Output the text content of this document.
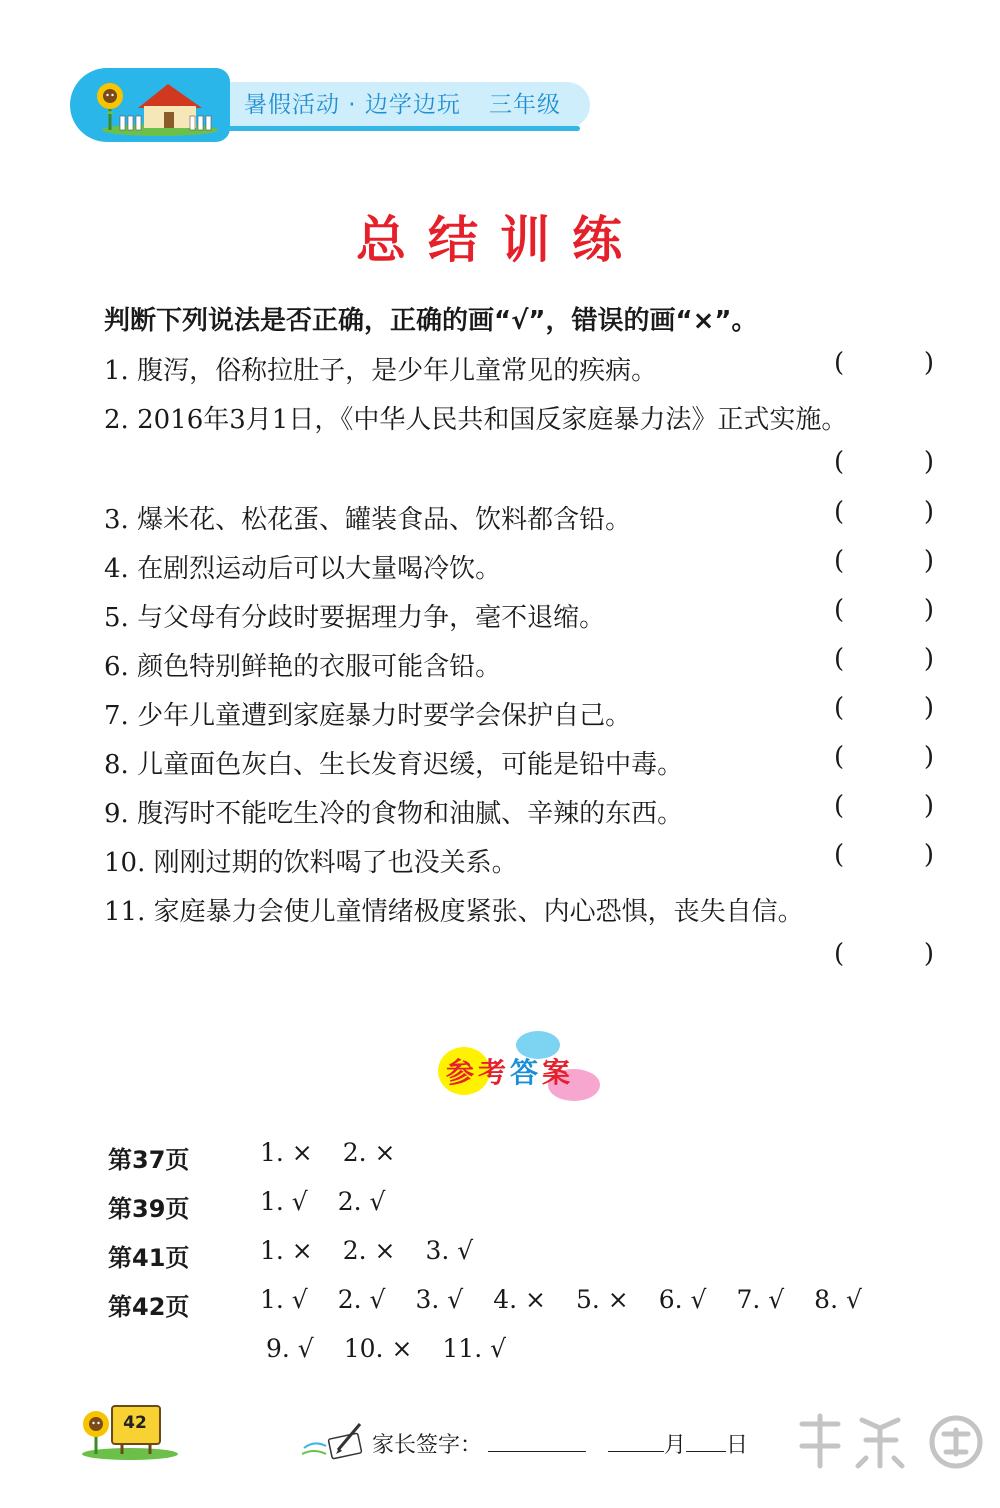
暑假活动 · 边学边玩 三年级
总结训练
判断下列说法是否正确，正确的画“√”，错误的画“×”。
1. 腹泻，俗称拉肚子，是少年儿童常见的疾病。	(	)
2. 2016年3月1日，《中华人民共和国反家庭暴力法》正式实施。
(	)
3. 爆米花、松花蛋、罐装食品、饮料都含铅。	(	)
4. 在剧烈运动后可以大量喝冷饮。	(	)
5. 与父母有分歧时要据理力争，毫不退缩。	(	)
6. 颜色特别鲜艳的衣服可能含铅。	(	)
7. 少年儿童遭到家庭暴力时要学会保护自己。	(	)
8. 儿童面色灰白、生长发育迟缓，可能是铅中毒。	(	)
9. 腹泻时不能吃生冷的食物和油腻、辛辣的东西。	(	)
10. 刚刚过期的饮料喝了也没关系。	(	)
11. 家庭暴力会使儿童情绪极度紧张、内心恐惧，丧失自信。
(	)
参考答案
第37页	1. × 2. ×
第39页	1. √ 2. √
第41页	1. × 2. × 3. √
第42页	1. √ 2. √ 3. √ 4. × 5. × 6. √ 7. √ 8. √
9. √ 10. × 11. √
42
家长签字：	月 日
